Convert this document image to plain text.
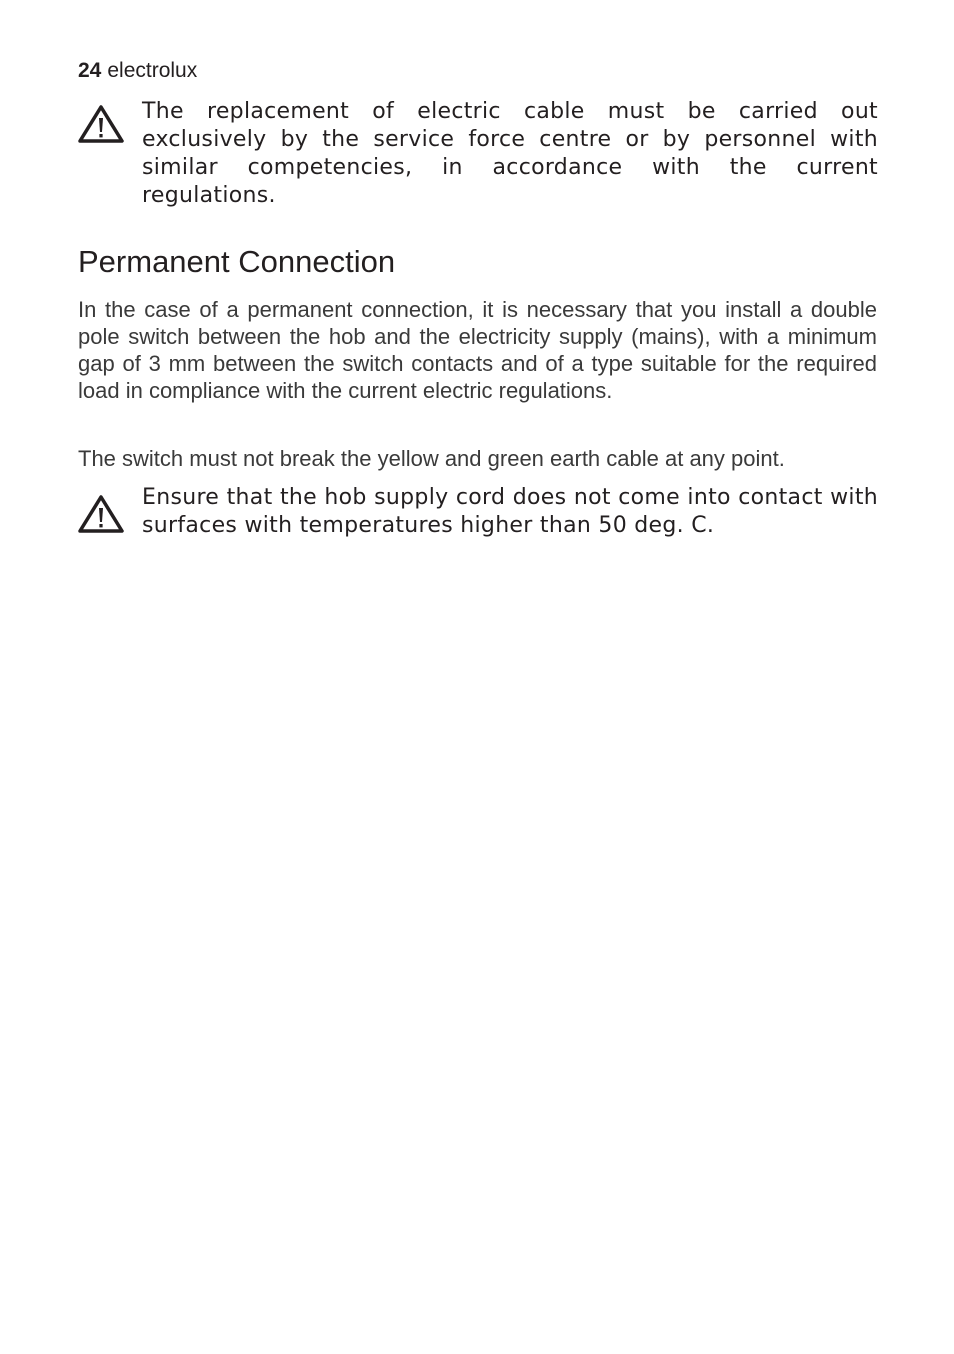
24 electrolux
The replacement of electric cable must be carried out exclusively by the service force centre or by personnel with similar competencies, in accordance with the current regulations.
Permanent Connection

In the case of a permanent connection, it is necessary that you install a double pole switch between the hob and the electricity supply (mains), with a minimum gap of 3 mm between the switch contacts and of a type suitable for the required load in compliance with the current electric regulations.

The switch must not break the yellow and green earth cable at any point.

Ensure that the hob supply cord does not come into contact with surfaces with temperatures higher than 50 deg. C.
